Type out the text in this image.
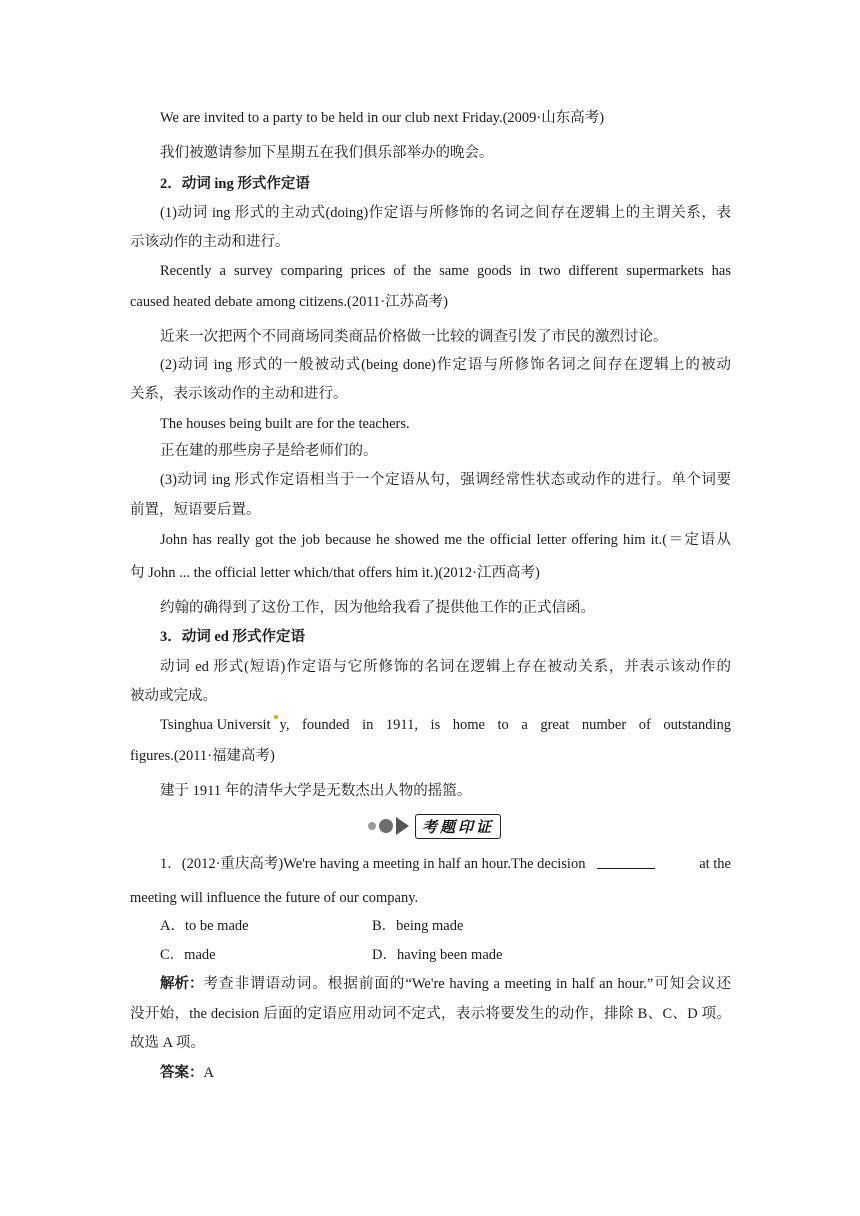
We are invited to a party to be held in our club next Friday.(2009·山东高考)
我们被邀请参加下星期五在我们俱乐部举办的晚会。
2．动词 ing 形式作定语
(1)动词 ing 形式的主动式(doing)作定语与所修饰的名词之间存在逻辑上的主谓关系，表
示该动作的主动和进行。
Recently a survey comparing prices of the same goods in two different supermarkets has
caused heated debate among citizens.(2011·江苏高考)
近来一次把两个不同商场同类商品价格做一比较的调查引发了市民的激烈讨论。
(2)动词 ing 形式的一般被动式(being done)作定语与所修饰名词之间存在逻辑上的被动
关系，表示该动作的主动和进行。
The houses being built are for the teachers.
正在建的那些房子是给老师们的。
(3)动词 ing 形式作定语相当于一个定语从句，强调经常性状态或动作的进行。单个词要
前置，短语要后置。
John has really got the job because he showed me the official letter offering him it.(＝定语从
句 John ... the official letter which/that offers him it.)(2012·江西高考)
约翰的确得到了这份工作，因为他给我看了提供他工作的正式信函。
3．动词 ed 形式作定语
动词 ed 形式(短语)作定语与它所修饰的名词在逻辑上存在被动关系，并表示该动作的
被动或完成。
Tsinghua Universit y, founded in 1911, is home to a great number of outstanding
figures.(2011·福建高考)
建于 1911 年的清华大学是无数杰出人物的摇篮。
考题印证
1．(2012·重庆高考)We're having a meeting in half an hour.The decision	at the
meeting will influence the future of our company.
A．to be made	B．being made
C．made	D．having been made
解析： 考查非谓语动词。根据前面的“We're having a meeting in half an hour.”可知会议还
没开始，the decision 后面的定语应用动词不定式，表示将要发生的动作，排除 B、C、D 项。
故选 A 项。
答案：A
